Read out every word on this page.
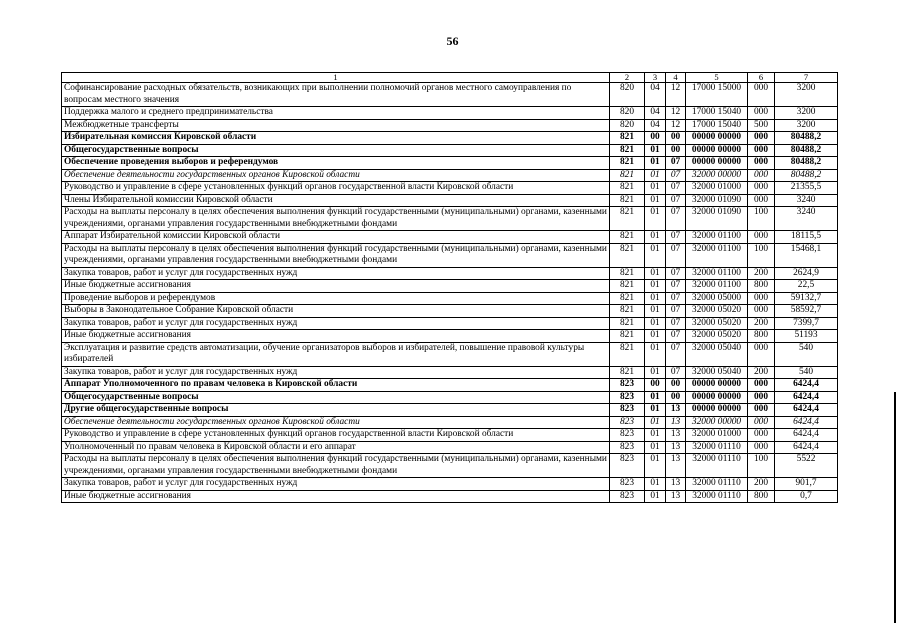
56
1	2	3	4	5	6	7
Софинансирование расходных обязательств, возникающих при выполнении полномочий органов местного самоуправления по вопросам местного значения	820	04	12	17000 15000	000	3200
Поддержка малого и среднего предпринимательства	820	04	12	17000 15040	000	3200
Межбюджетные трансферты	820	04	12	17000 15040	500	3200
Избирательная комиссия Кировской области	821	00	00	00000 00000	000	80488,2
Общегосударственные вопросы	821	01	00	00000 00000	000	80488,2
Обеспечение проведения выборов и референдумов	821	01	07	00000 00000	000	80488,2
Обеспечение деятельности государственных органов Кировской области	821	01	07	32000 00000	000	80488,2
Руководство и управление в сфере установленных функций органов государственной власти Кировской области	821	01	07	32000 01000	000	21355,5
Члены Избирательной комиссии Кировской области	821	01	07	32000 01090	000	3240
Расходы на выплаты персоналу в целях обеспечения выполнения функций государственными (муниципальными) органами, казенными учреждениями, органами управления государственными внебюджетными фондами	821	01	07	32000 01090	100	3240
Аппарат Избирательной комиссии Кировской области	821	01	07	32000 01100	000	18115,5
Расходы на выплаты персоналу в целях обеспечения выполнения функций государственными (муниципальными) органами, казенными учреждениями, органами управления государственными внебюджетными фондами	821	01	07	32000 01100	100	15468,1
Закупка товаров, работ и услуг для государственных нужд	821	01	07	32000 01100	200	2624,9
Иные бюджетные ассигнования	821	01	07	32000 01100	800	22,5
Проведение выборов и референдумов	821	01	07	32000 05000	000	59132,7
Выборы в Законодательное Собрание Кировской области	821	01	07	32000 05020	000	58592,7
Закупка товаров, работ и услуг для государственных нужд	821	01	07	32000 05020	200	7399,7
Иные бюджетные ассигнования	821	01	07	32000 05020	800	51193
Эксплуатация и развитие средств автоматизации, обучение организаторов выборов и избирателей, повышение правовой культуры избирателей	821	01	07	32000 05040	000	540
Закупка товаров, работ и услуг для государственных нужд	821	01	07	32000 05040	200	540
Аппарат Уполномоченного по правам человека в Кировской области	823	00	00	00000 00000	000	6424,4
Общегосударственные вопросы	823	01	00	00000 00000	000	6424,4
Другие общегосударственные вопросы	823	01	13	00000 00000	000	6424,4
Обеспечение деятельности государственных органов Кировской области	823	01	13	32000 00000	000	6424,4
Руководство и управление в сфере установленных функций органов государственной власти Кировской области	823	01	13	32000 01000	000	6424,4
Уполномоченный по правам человека в Кировской области и его аппарат	823	01	13	32000 01110	000	6424,4
Расходы на выплаты персоналу в целях обеспечения выполнения функций государственными (муниципальными) органами, казенными учреждениями, органами управления государственными внебюджетными фондами	823	01	13	32000 01110	100	5522
Закупка товаров, работ и услуг для государственных нужд	823	01	13	32000 01110	200	901,7
Иные бюджетные ассигнования	823	01	13	32000 01110	800	0,7
